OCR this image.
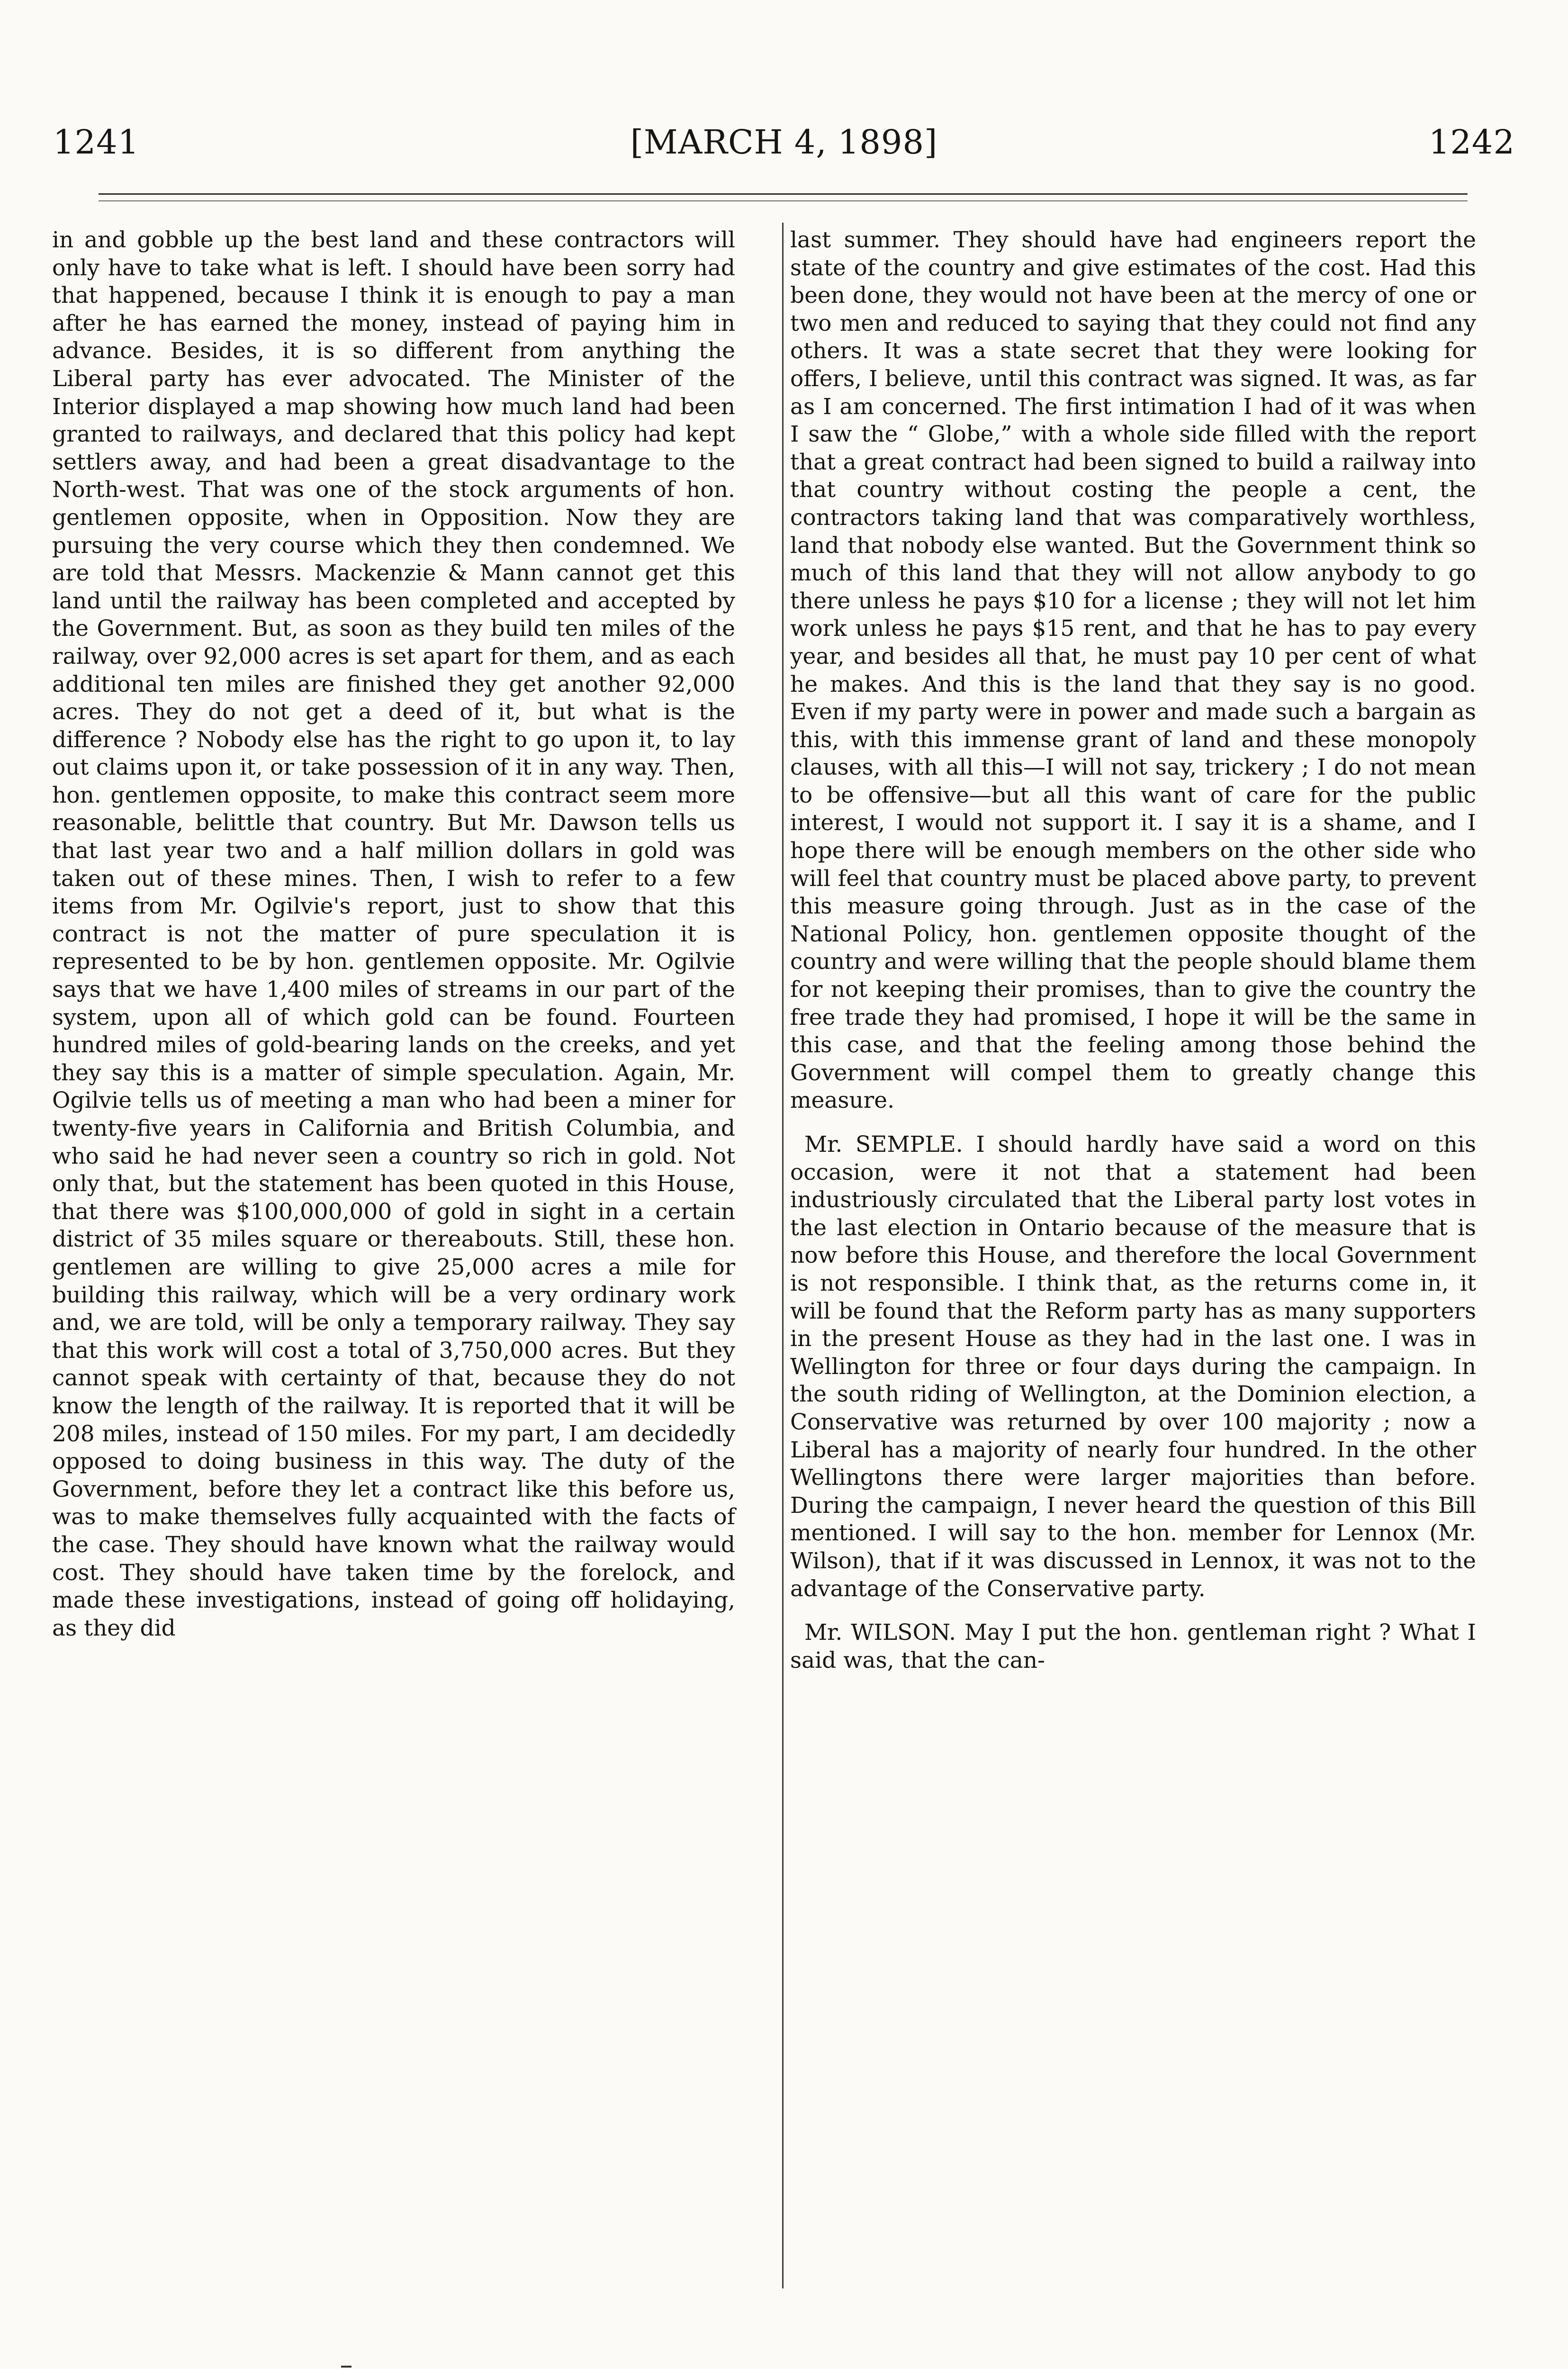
1241	[MARCH 4, 1898]	1242

in and gobble up the best land and these contractors will only have to take what is left. I should have been sorry had that happened, because I think it is enough to pay a man after he has earned the money, instead of paying him in advance. Besides, it is so different from anything the Liberal party has ever advocated. The Minister of the Interior displayed a map showing how much land had been granted to railways, and declared that this policy had kept settlers away, and had been a great disadvantage to the North-west. That was one of the stock arguments of hon. gentlemen opposite, when in Opposition. Now they are pursuing the very course which they then condemned. We are told that Messrs. Mackenzie & Mann cannot get this land until the railway has been completed and accepted by the Government. But, as soon as they build ten miles of the railway, over 92,000 acres is set apart for them, and as each additional ten miles are finished they get another 92,000 acres. They do not get a deed of it, but what is the difference ? Nobody else has the right to go upon it, to lay out claims upon it, or take possession of it in any way. Then, hon. gentlemen opposite, to make this contract seem more reasonable, belittle that country. But Mr. Dawson tells us that last year two and a half million dollars in gold was taken out of these mines. Then, I wish to refer to a few items from Mr. Ogilvie's report, just to show that this contract is not the matter of pure speculation it is represented to be by hon. gentlemen opposite. Mr. Ogilvie says that we have 1,400 miles of streams in our part of the system, upon all of which gold can be found. Fourteen hundred miles of gold-bearing lands on the creeks, and yet they say this is a matter of simple speculation. Again, Mr. Ogilvie tells us of meeting a man who had been a miner for twenty-five years in California and British Columbia, and who said he had never seen a country so rich in gold. Not only that, but the statement has been quoted in this House, that there was $100,000,000 of gold in sight in a certain district of 35 miles square or thereabouts. Still, these hon. gentlemen are willing to give 25,000 acres a mile for building this railway, which will be a very ordinary work and, we are told, will be only a temporary railway. They say that this work will cost a total of 3,750,000 acres. But they cannot speak with certainty of that, because they do not know the length of the railway. It is reported that it will be 208 miles, instead of 150 miles. For my part, I am decidedly opposed to doing business in this way. The duty of the Government, before they let a contract like this before us, was to make themselves fully acquainted with the facts of the case. They should have known what the railway would cost. They should have taken time by the forelock, and made these investigations, instead of going off holidaying, as they did

last summer. They should have had engineers report the state of the country and give estimates of the cost. Had this been done, they would not have been at the mercy of one or two men and reduced to saying that they could not find any others. It was a state secret that they were looking for offers, I believe, until this contract was signed. It was, as far as I am concerned. The first intimation I had of it was when I saw the “ Globe,” with a whole side filled with the report that a great contract had been signed to build a railway into that country without costing the people a cent, the contractors taking land that was comparatively worthless, land that nobody else wanted. But the Government think so much of this land that they will not allow anybody to go there unless he pays $10 for a license ; they will not let him work unless he pays $15 rent, and that he has to pay every year, and besides all that, he must pay 10 per cent of what he makes. And this is the land that they say is no good. Even if my party were in power and made such a bargain as this, with this immense grant of land and these monopoly clauses, with all this—I will not say, trickery ; I do not mean to be offensive—but all this want of care for the public interest, I would not support it. I say it is a shame, and I hope there will be enough members on the other side who will feel that country must be placed above party, to prevent this measure going through. Just as in the case of the National Policy, hon. gentlemen opposite thought of the country and were willing that the people should blame them for not keeping their promises, than to give the country the free trade they had promised, I hope it will be the same in this case, and that the feeling among those behind the Government will compel them to greatly change this measure.

Mr. SEMPLE. I should hardly have said a word on this occasion, were it not that a statement had been industriously circulated that the Liberal party lost votes in the last election in Ontario because of the measure that is now before this House, and therefore the local Government is not responsible. I think that, as the returns come in, it will be found that the Reform party has as many supporters in the present House as they had in the last one. I was in Wellington for three or four days during the campaign. In the south riding of Wellington, at the Dominion election, a Conservative was returned by over 100 majority ; now a Liberal has a majority of nearly four hundred. In the other Wellingtons there were larger majorities than before. During the campaign, I never heard the question of this Bill mentioned. I will say to the hon. member for Lennox (Mr. Wilson), that if it was discussed in Lennox, it was not to the advantage of the Conservative party.

Mr. WILSON. May I put the hon. gentleman right ? What I said was, that the can-
